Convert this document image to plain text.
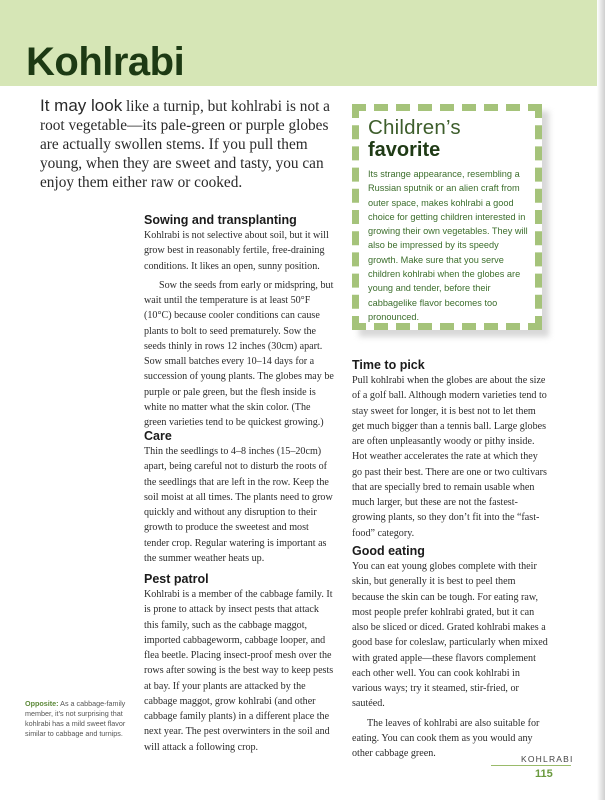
Kohlrabi
It may look like a turnip, but kohlrabi is not a root vegetable—its pale-green or purple globes are actually swollen stems. If you pull them young, when they are sweet and tasty, you can enjoy them either raw or cooked.
Sowing and transplanting

Kohlrabi is not selective about soil, but it will grow best in reasonably fertile, free-draining conditions. It likes an open, sunny position.

Sow the seeds from early or midspring, but wait until the temperature is at least 50°F (10°C) because cooler conditions can cause plants to bolt to seed prematurely. Sow the seeds thinly in rows 12 inches (30cm) apart. Sow small batches every 10–14 days for a succession of young plants. The globes may be purple or pale green, but the flesh inside is white no matter what the skin color. (The green varieties tend to be quickest growing.)

Care

Thin the seedlings to 4–8 inches (15–20cm) apart, being careful not to disturb the roots of the seedlings that are left in the row. Keep the soil moist at all times. The plants need to grow quickly and without any disruption to their growth to produce the sweetest and most tender crop. Regular watering is important as the summer weather heats up.

Pest patrol

Kohlrabi is a member of the cabbage family. It is prone to attack by insect pests that attack this family, such as the cabbage maggot, imported cabbageworm, cabbage looper, and flea beetle. Placing insect-proof mesh over the rows after sowing is the best way to keep pests at bay. If your plants are attacked by the cabbage maggot, grow kohlrabi (and other cabbage family plants) in a different place the next year. The pest overwinters in the soil and will attack a following crop.

Children’s
favorite
Its strange appearance, resembling a Russian sputnik or an alien craft from outer space, makes kohlrabi a good choice for getting children interested in growing their own vegetables. They will also be impressed by its speedy growth. Make sure that you serve children kohlrabi when the globes are young and tender, before their cabbagelike flavor becomes too pronounced.
Time to pick

Pull kohlrabi when the globes are about the size of a golf ball. Although modern varieties tend to stay sweet for longer, it is best not to let them get much bigger than a tennis ball. Large globes are often unpleasantly woody or pithy inside. Hot weather accelerates the rate at which they go past their best. There are one or two cultivars that are specially bred to remain usable when much larger, but these are not the fastest-growing plants, so they don’t fit into the “fast-food” category.

Good eating

You can eat young globes complete with their skin, but generally it is best to peel them because the skin can be tough. For eating raw, most people prefer kohlrabi grated, but it can also be sliced or diced. Grated kohlrabi makes a good base for coleslaw, particularly when mixed with grated apple—these flavors complement each other well. You can cook kohlrabi in various ways; try it steamed, stir-fried, or sautéed.

The leaves of kohlrabi are also suitable for eating. You can cook them as you would any other cabbage green.

Opposite: As a cabbage-family member, it’s not surprising that kohlrabi has a mild sweet flavor similar to cabbage and turnips.
KOHLRABI
115
